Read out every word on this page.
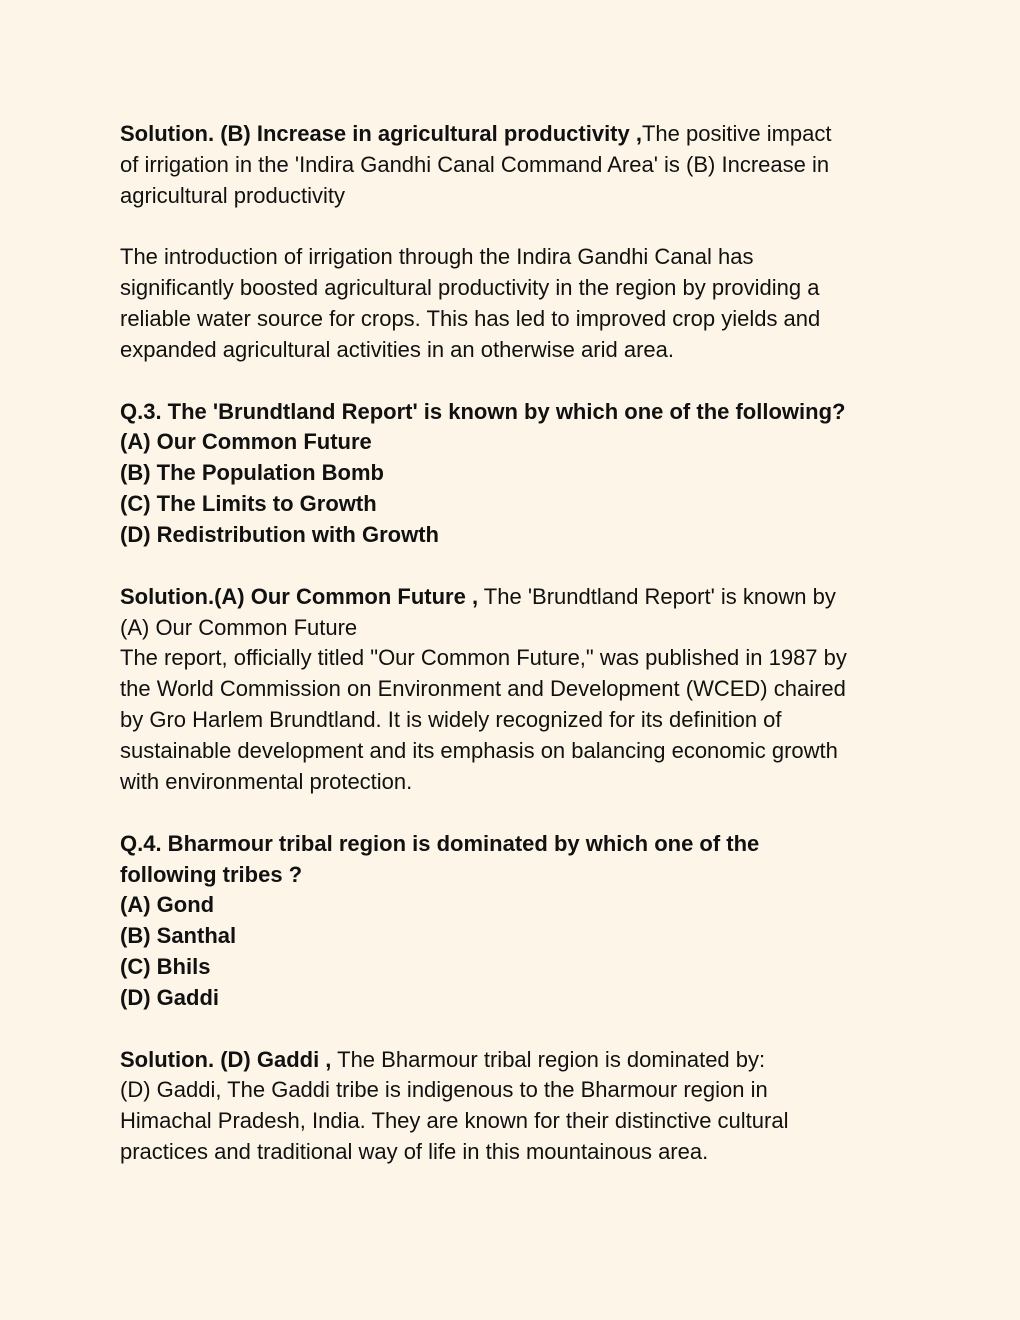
Solution. (B) Increase in agricultural productivity ,The positive impact
of irrigation in the 'Indira Gandhi Canal Command Area' is (B) Increase in
agricultural productivity
The introduction of irrigation through the Indira Gandhi Canal has
significantly boosted agricultural productivity in the region by providing a
reliable water source for crops. This has led to improved crop yields and
expanded agricultural activities in an otherwise arid area.
Q.3. The 'Brundtland Report' is known by which one of the following?
(A) Our Common Future
(B) The Population Bomb
(C) The Limits to Growth
(D) Redistribution with Growth
Solution.(A) Our Common Future , The 'Brundtland Report' is known by
(A) Our Common Future
The report, officially titled "Our Common Future," was published in 1987 by
the World Commission on Environment and Development (WCED) chaired
by Gro Harlem Brundtland. It is widely recognized for its definition of
sustainable development and its emphasis on balancing economic growth
with environmental protection.
Q.4. Bharmour tribal region is dominated by which one of the
following tribes ?
(A) Gond
(B) Santhal
(C) Bhils
(D) Gaddi
Solution. (D) Gaddi , The Bharmour tribal region is dominated by:
(D) Gaddi, The Gaddi tribe is indigenous to the Bharmour region in
Himachal Pradesh, India. They are known for their distinctive cultural
practices and traditional way of life in this mountainous area.
